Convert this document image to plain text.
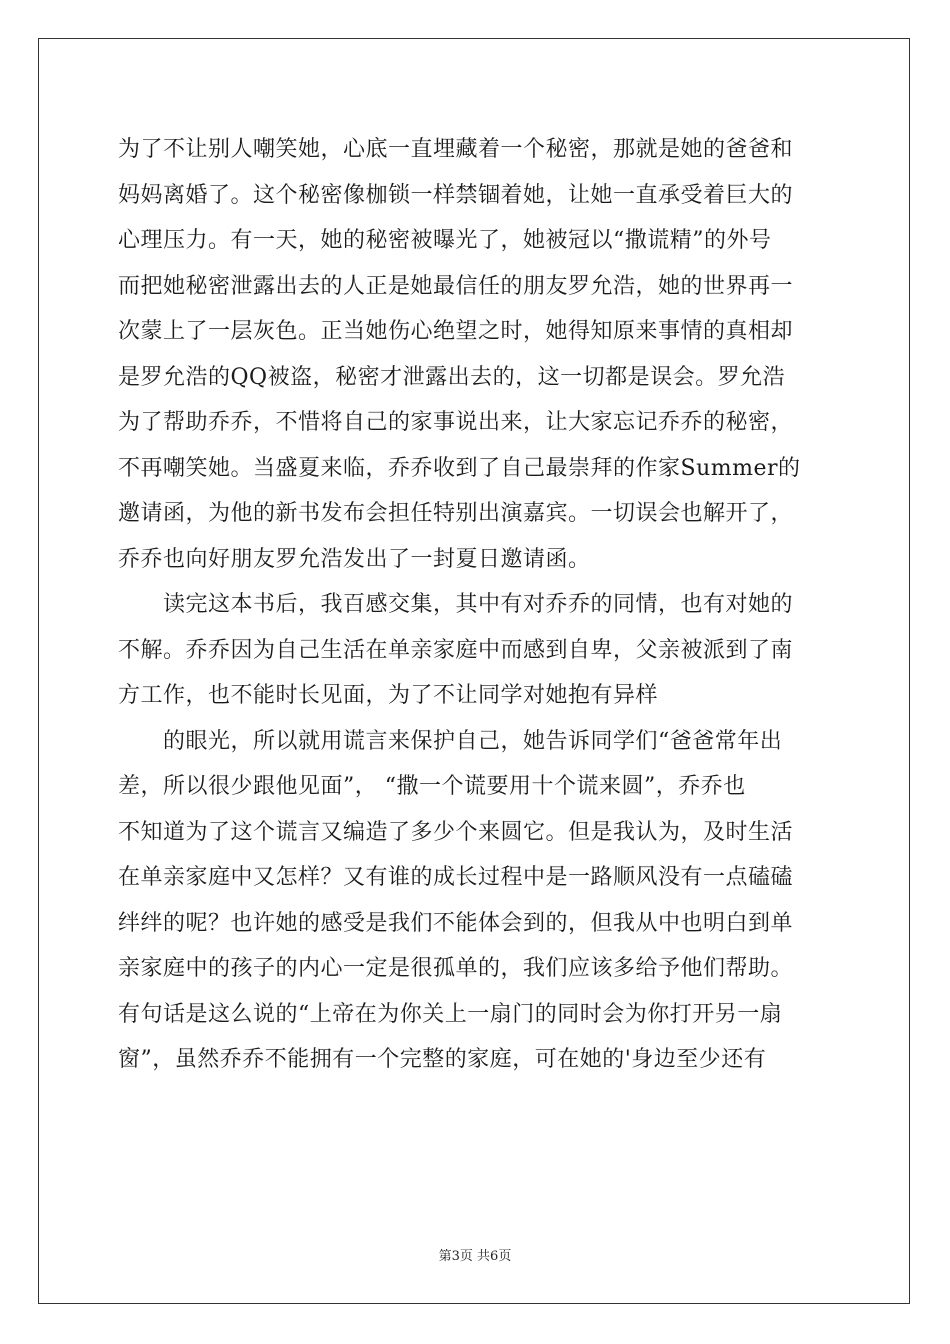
为了不让别人嘲笑她，心底一直埋藏着一个秘密，那就是她的爸爸和
妈妈离婚了。这个秘密像枷锁一样禁锢着她，让她一直承受着巨大的
心理压力。有一天，她的秘密被曝光了，她被冠以“撒谎精”的外号
而把她秘密泄露出去的人正是她最信任的朋友罗允浩，她的世界再一
次蒙上了一层灰色。正当她伤心绝望之时，她得知原来事情的真相却
是罗允浩的QQ被盗，秘密才泄露出去的，这一切都是误会。罗允浩
为了帮助乔乔，不惜将自己的家事说出来，让大家忘记乔乔的秘密，
不再嘲笑她。当盛夏来临，乔乔收到了自己最崇拜的作家Summer的
邀请函，为他的新书发布会担任特别出演嘉宾。一切误会也解开了，
乔乔也向好朋友罗允浩发出了一封夏日邀请函。
读完这本书后，我百感交集，其中有对乔乔的同情，也有对她的
不解。乔乔因为自己生活在单亲家庭中而感到自卑，父亲被派到了南
方工作，也不能时长见面，为了不让同学对她抱有异样
的眼光，所以就用谎言来保护自己，她告诉同学们“爸爸常年出
差，所以很少跟他见面”， “撒一个谎要用十个谎来圆”，乔乔也
不知道为了这个谎言又编造了多少个来圆它。但是我认为，及时生活
在单亲家庭中又怎样？又有谁的成长过程中是一路顺风没有一点磕磕
绊绊的呢？也许她的感受是我们不能体会到的，但我从中也明白到单
亲家庭中的孩子的内心一定是很孤单的，我们应该多给予他们帮助。
有句话是这么说的“上帝在为你关上一扇门的同时会为你打开另一扇
窗”，虽然乔乔不能拥有一个完整的家庭，可在她的'身边至少还有
第3页 共6页
